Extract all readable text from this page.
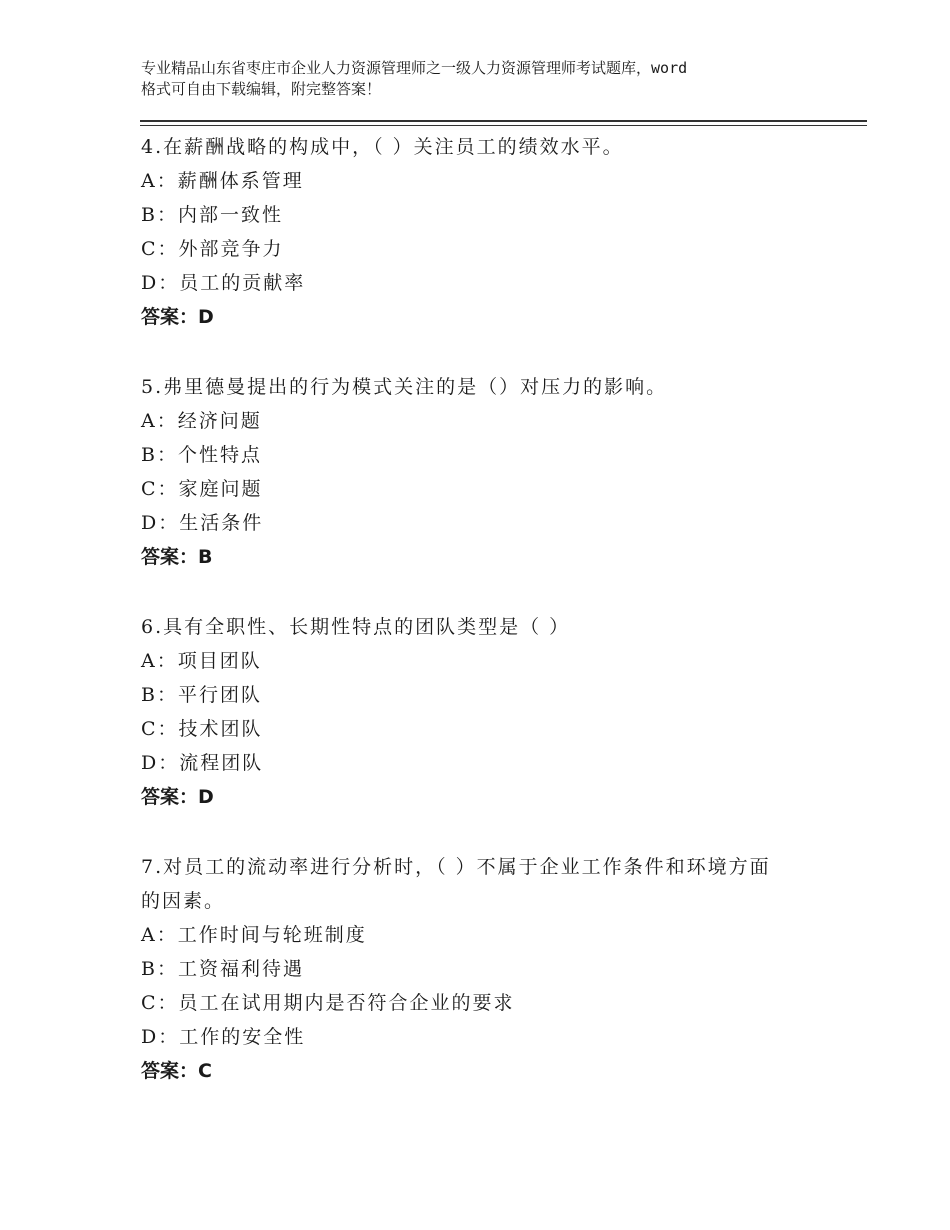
专业精品山东省枣庄市企业人力资源管理师之一级人力资源管理师考试题库，word
格式可自由下载编辑，附完整答案！
4.在薪酬战略的构成中，（ ）关注员工的绩效水平。
A：薪酬体系管理
B：内部一致性
C：外部竞争力
D：员工的贡献率
答案：D
5.弗里德曼提出的行为模式关注的是（）对压力的影响。
A：经济问题
B：个性特点
C：家庭问题
D：生活条件
答案：B
6.具有全职性、长期性特点的团队类型是（ ）
A：项目团队
B：平行团队
C：技术团队
D：流程团队
答案：D
7.对员工的流动率进行分析时，（ ）不属于企业工作条件和环境方面
的因素。
A：工作时间与轮班制度
B：工资福利待遇
C：员工在试用期内是否符合企业的要求
D：工作的安全性
答案：C
